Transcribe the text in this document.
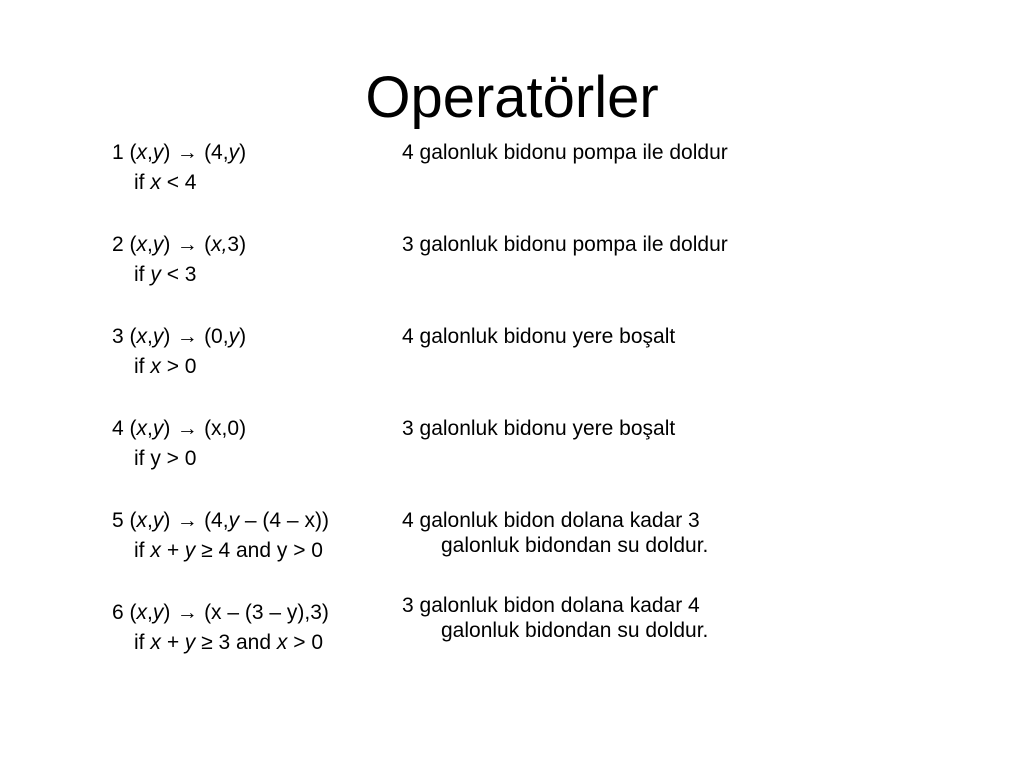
Operatörler
1 (x,y) → (4,y)
if x < 4
4 galonluk bidonu pompa ile doldur
2 (x,y) → (x,3)
if y < 3
3 galonluk bidonu pompa ile doldur
3 (x,y) → (0,y)
if x > 0
4 galonluk bidonu yere boşalt
4 (x,y) → (x,0)
if y > 0
3 galonluk bidonu yere boşalt
5 (x,y) → (4,y – (4 – x))
if x + y ≥ 4 and y > 0
4 galonluk bidon dolana kadar 3
galonluk bidondan su doldur.
6 (x,y) → (x – (3 – y),3)
if x + y ≥ 3 and x > 0
3 galonluk bidon dolana kadar 4
galonluk bidondan su doldur.
